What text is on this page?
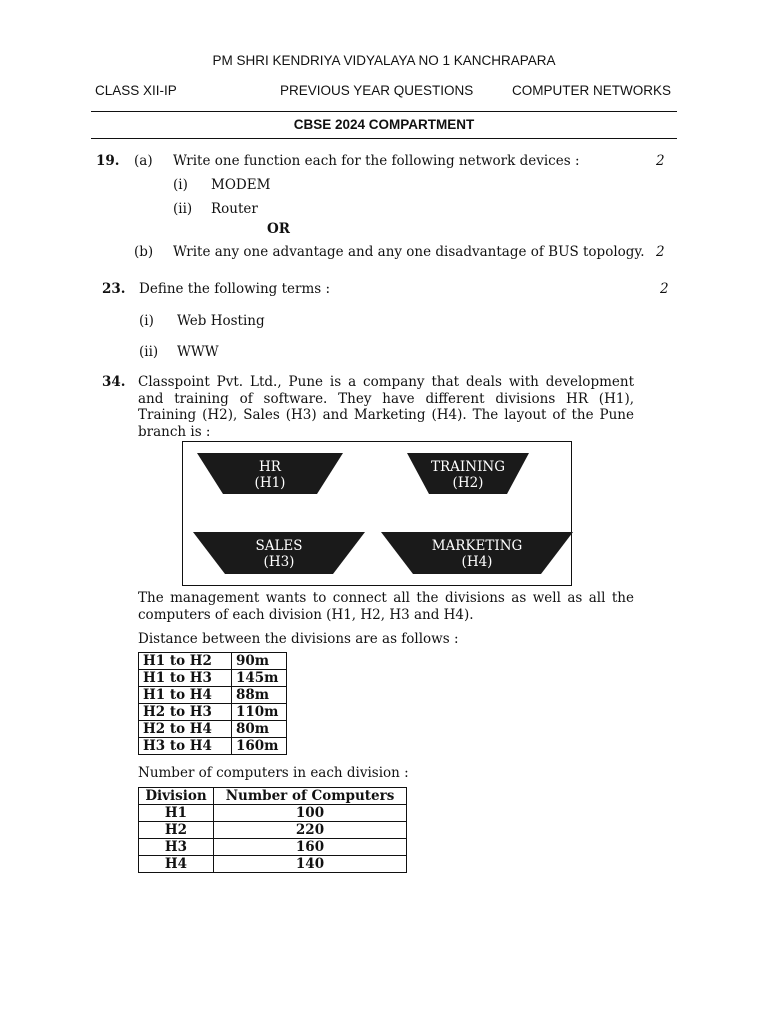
PM SHRI KENDRIYA VIDYALAYA NO 1 KANCHRAPARA
CLASS XII-IP	PREVIOUS YEAR QUESTIONS	COMPUTER NETWORKS
CBSE 2024 COMPARTMENT
19. (a) Write one function each for the following network devices :	2
(i) MODEM
(ii) Router
OR
(b) Write any one advantage and any one disadvantage of BUS topology. 2
23. Define the following terms :	2
(i) Web Hosting
(ii) WWW
34. Classpoint Pvt. Ltd., Pune is a company that deals with development and training of software. They have different divisions HR (H1), Training (H2), Sales (H3) and Marketing (H4). The layout of the Pune branch is :
HR
(H1)
TRAINING
(H2)
SALES
(H3)
MARKETING
(H4)
The management wants to connect all the divisions as well as all the computers of each division (H1, H2, H3 and H4).
Distance between the divisions are as follows :
H1 to H2	90m
H1 to H3	145m
H1 to H4	88m
H2 to H3	110m
H2 to H4	80m
H3 to H4	160m
Number of computers in each division :
Division	Number of Computers
H1	100
H2	220
H3	160
H4	140
